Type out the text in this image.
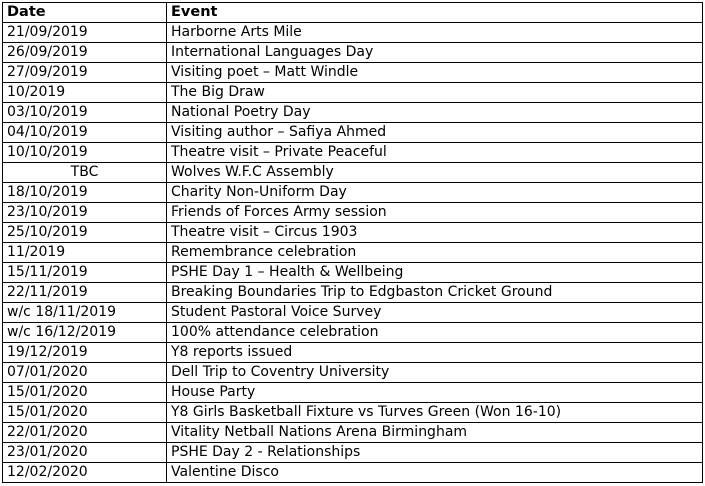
Date	Event
21/09/2019	Harborne Arts Mile
26/09/2019	International Languages Day
27/09/2019	Visiting poet – Matt Windle
10/2019	The Big Draw
03/10/2019	National Poetry Day
04/10/2019	Visiting author – Safiya Ahmed
10/10/2019	Theatre visit – Private Peaceful
TBC	Wolves W.F.C Assembly
18/10/2019	Charity Non-Uniform Day
23/10/2019	Friends of Forces Army session
25/10/2019	Theatre visit – Circus 1903
11/2019	Remembrance celebration
15/11/2019	PSHE Day 1 – Health & Wellbeing
22/11/2019	Breaking Boundaries Trip to Edgbaston Cricket Ground
w/c 18/11/2019	Student Pastoral Voice Survey
w/c 16/12/2019	100% attendance celebration
19/12/2019	Y8 reports issued
07/01/2020	Dell Trip to Coventry University
15/01/2020	House Party
15/01/2020	Y8 Girls Basketball Fixture vs Turves Green (Won 16-10)
22/01/2020	Vitality Netball Nations Arena Birmingham
23/01/2020	PSHE Day 2 - Relationships
12/02/2020	Valentine Disco
